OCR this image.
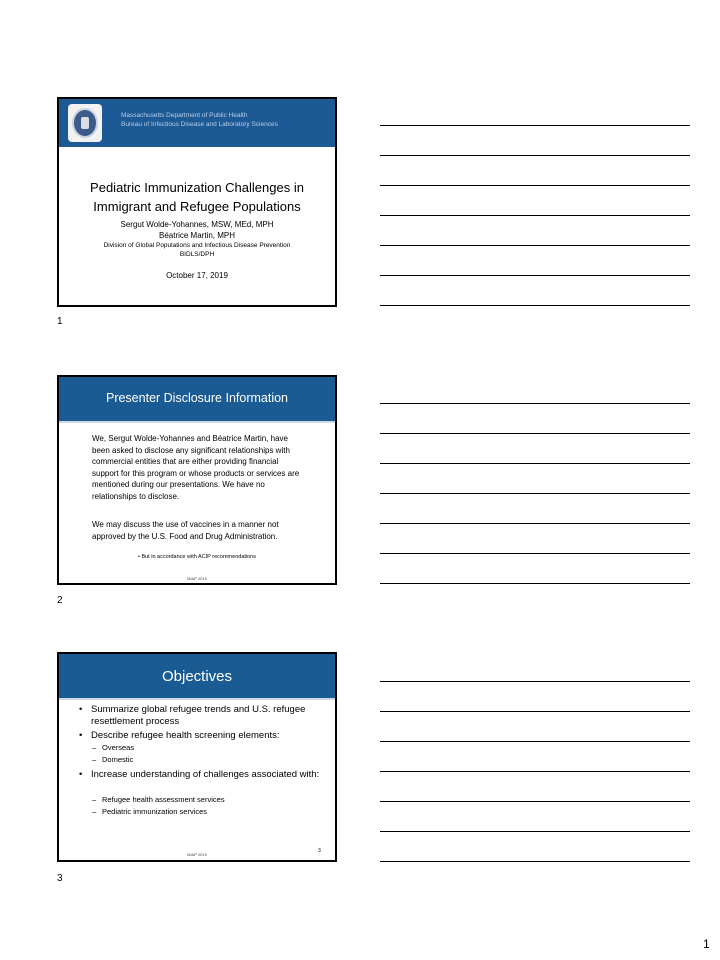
Massachusetts Department of Public Health
Bureau of Infectious Disease and Laboratory Sciences
Pediatric Immunization Challenges in
Immigrant and Refugee Populations
Sergut Wolde-Yohannes, MSW, MEd, MPH
Béatrice Martin, MPH
Division of Global Populations and Infectious Disease Prevention
BIDLS/DPH
October 17, 2019
1
Presenter Disclosure Information
We, Sergut Wolde-Yohannes and Béatrice Martin, have been asked to disclose any significant relationships with commercial entities that are either providing financial support for this program or whose products or services are mentioned during our presentations. We have no relationships to disclose.
We may discuss the use of vaccines in a manner not approved by the U.S. Food and Drug Administration.
• But in accordance with ACIP recommendations
MIAP 2019
2
Objectives
• Summarize global refugee trends and U.S. refugee resettlement process
• Describe refugee health screening elements:
– Overseas
– Domestic
• Increase understanding of challenges associated with:
– Refugee health assessment services
– Pediatric immunization services
3
MIAP 2019
3
1
